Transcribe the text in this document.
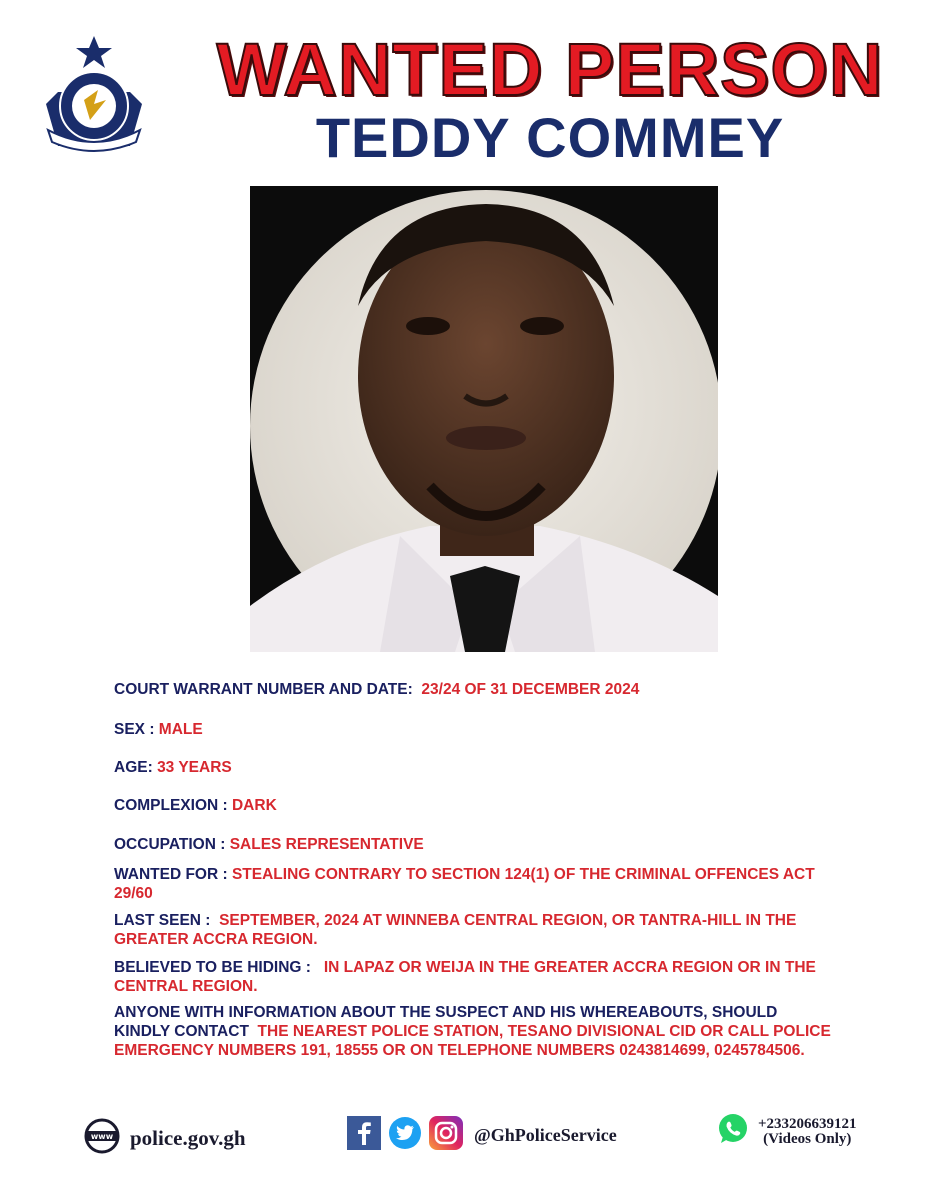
WANTED PERSON
TEDDY COMMEY

COURT WARRANT NUMBER AND DATE: 23/24 OF 31 DECEMBER 2024

SEX : MALE

AGE: 33 YEARS

COMPLEXION : DARK

OCCUPATION : SALES REPRESENTATIVE

WANTED FOR : STEALING CONTRARY TO SECTION 124(1) OF THE CRIMINAL OFFENCES ACT 29/60

LAST SEEN : SEPTEMBER, 2024 AT WINNEBA CENTRAL REGION, OR TANTRA-HILL IN THE GREATER ACCRA REGION.

BELIEVED TO BE HIDING : IN LAPAZ OR WEIJA IN THE GREATER ACCRA REGION OR IN THE CENTRAL REGION.

ANYONE WITH INFORMATION ABOUT THE SUSPECT AND HIS WHEREABOUTS, SHOULD KINDLY CONTACT THE NEAREST POLICE STATION, TESANO DIVISIONAL CID OR CALL POLICE EMERGENCY NUMBERS 191, 18555 OR ON TELEPHONE NUMBERS 0243814699, 0245784506.

www police.gov.gh	@GhPoliceService
+233206639121
(Videos Only)
